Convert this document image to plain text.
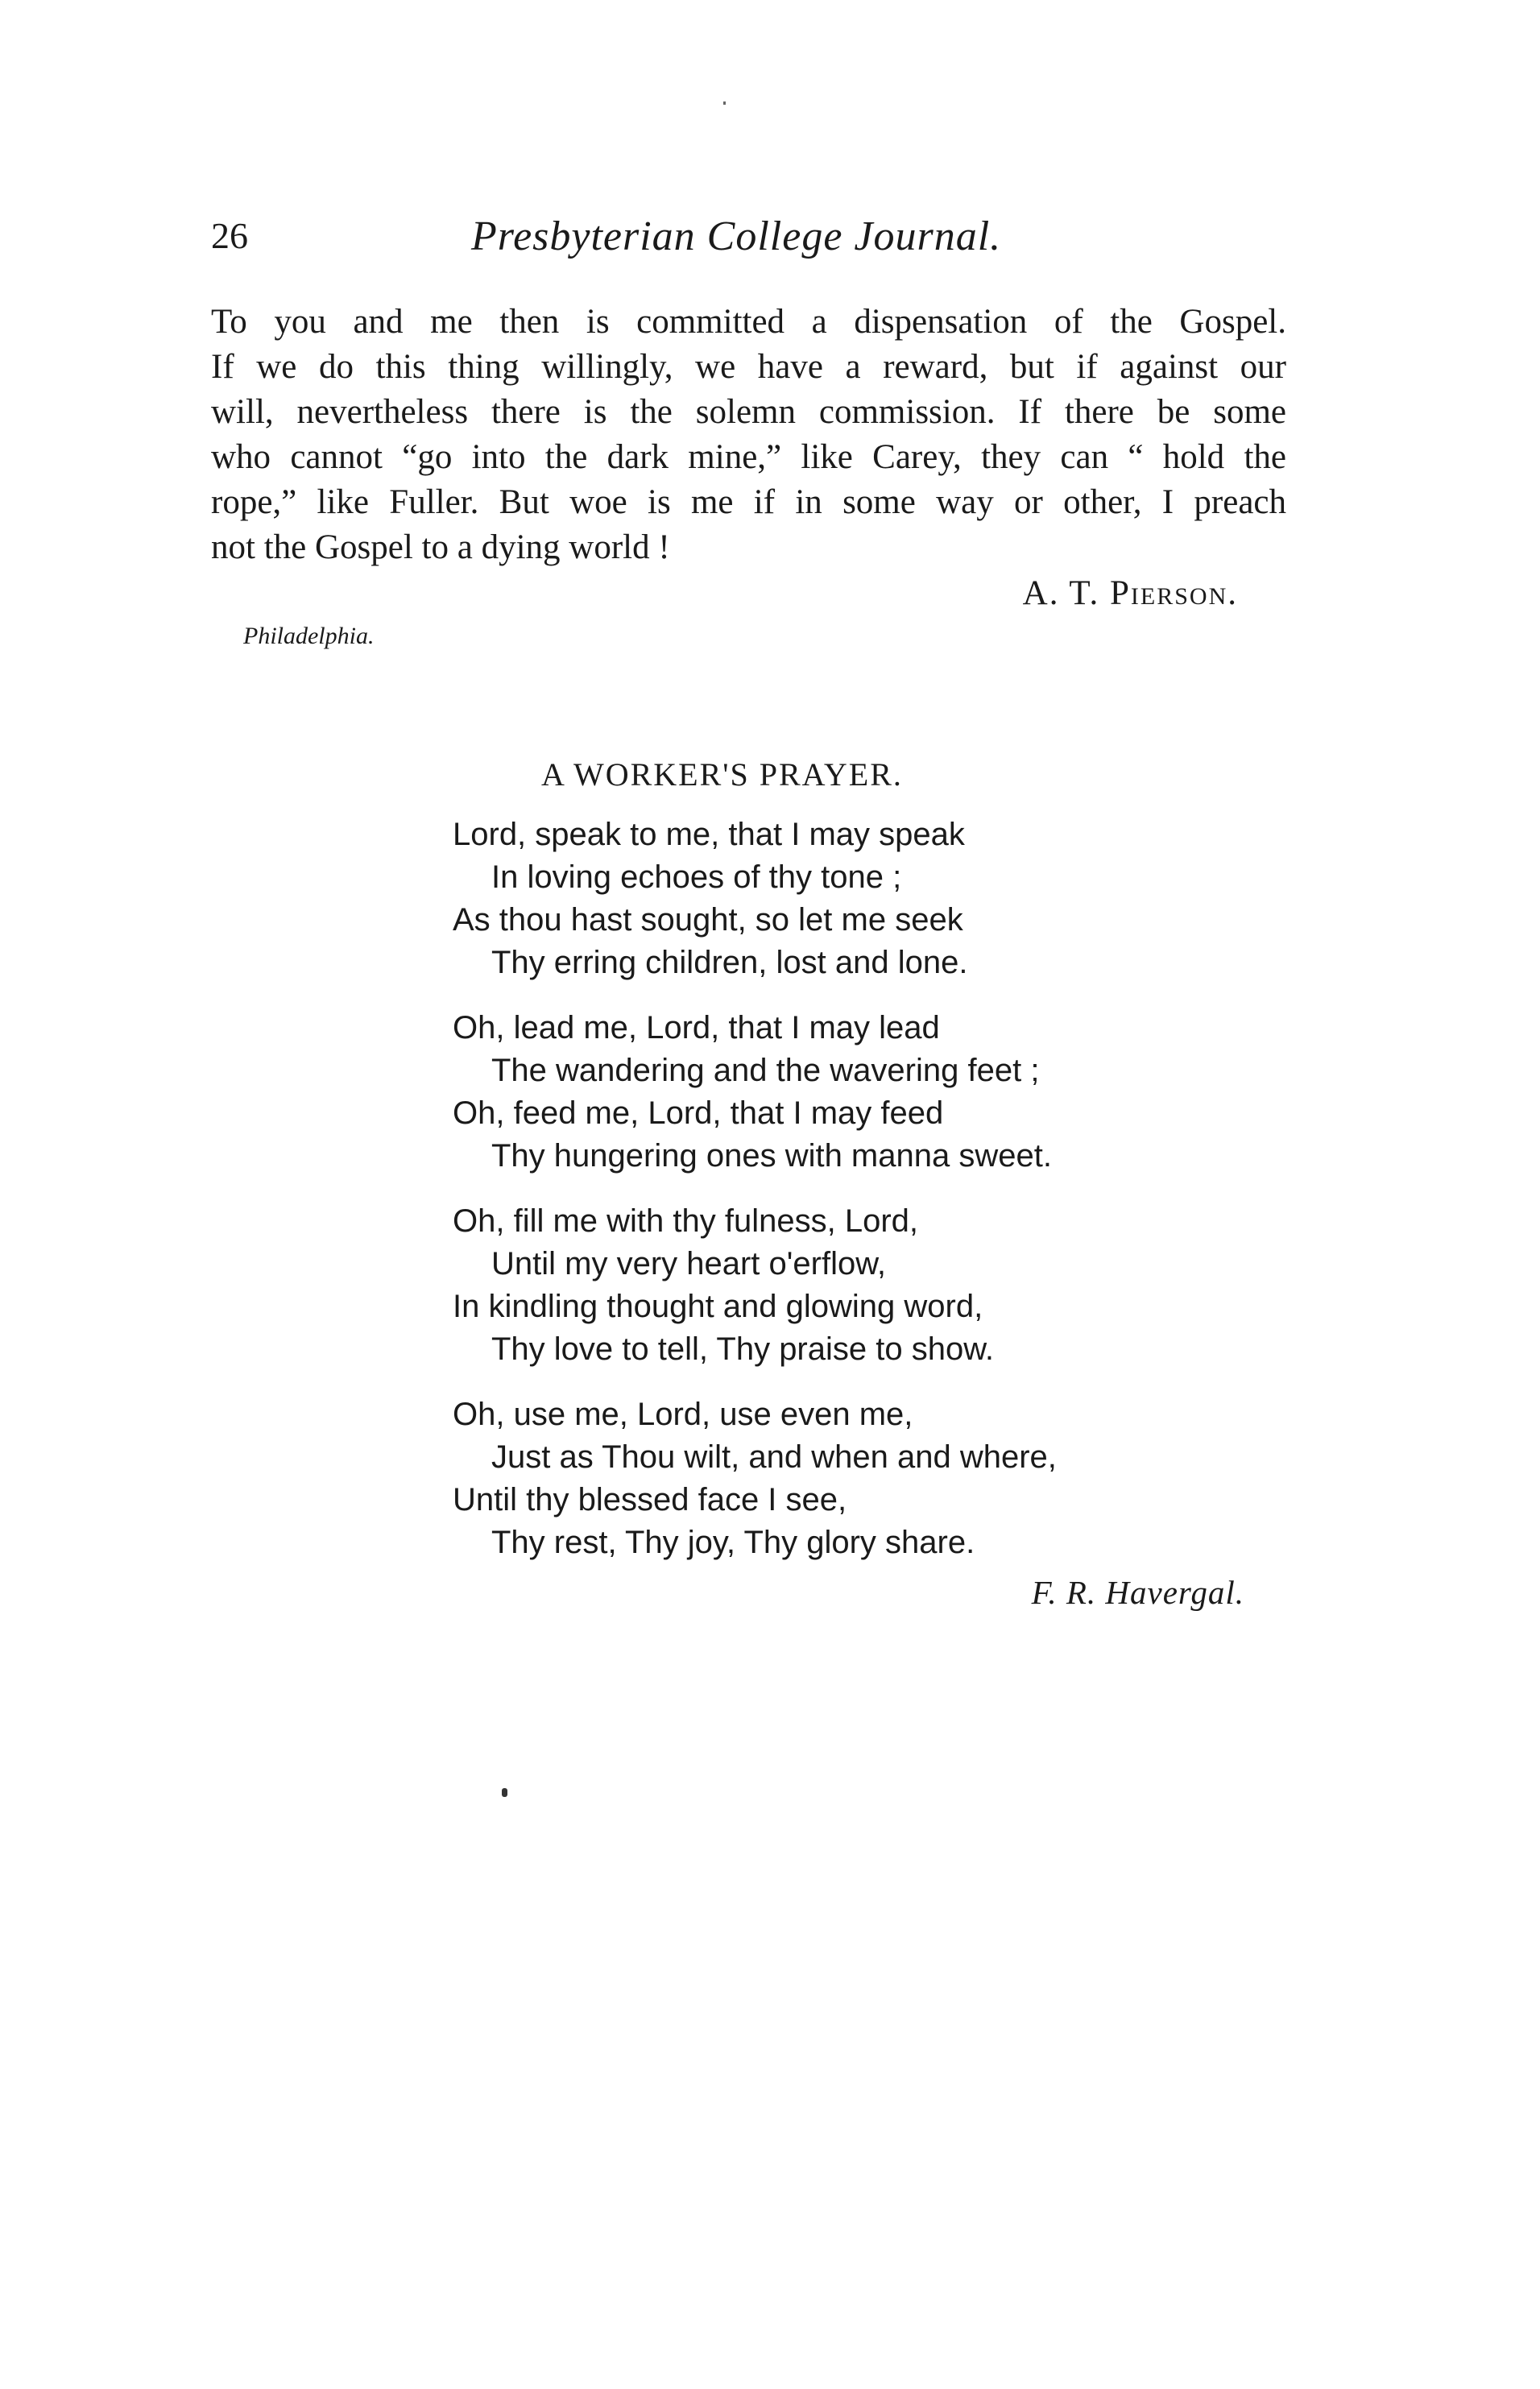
26	Presbyterian College Journal.

To you and me then is committed a dispensation of the Gospel.
If we do this thing willingly, we have a reward, but if against our
will, nevertheless there is the solemn commission. If there be some
who cannot “go into the dark mine,” like Carey, they can “ hold the
rope,” like Fuller. But woe is me if in some way or other, I preach
not the Gospel to a dying world !

A. T. Pierson.
Philadelphia.
A WORKER'S PRAYER.
Lord, speak to me, that I may speak
In loving echoes of thy tone ;
As thou hast sought, so let me seek
Thy erring children, lost and lone.
Oh, lead me, Lord, that I may lead
The wandering and the wavering feet ;
Oh, feed me, Lord, that I may feed
Thy hungering ones with manna sweet.
Oh, fill me with thy fulness, Lord,
Until my very heart o'erflow,
In kindling thought and glowing word,
Thy love to tell, Thy praise to show.
Oh, use me, Lord, use even me,
Just as Thou wilt, and when and where,
Until thy blessed face I see,
Thy rest, Thy joy, Thy glory share.
F. R. Havergal.
